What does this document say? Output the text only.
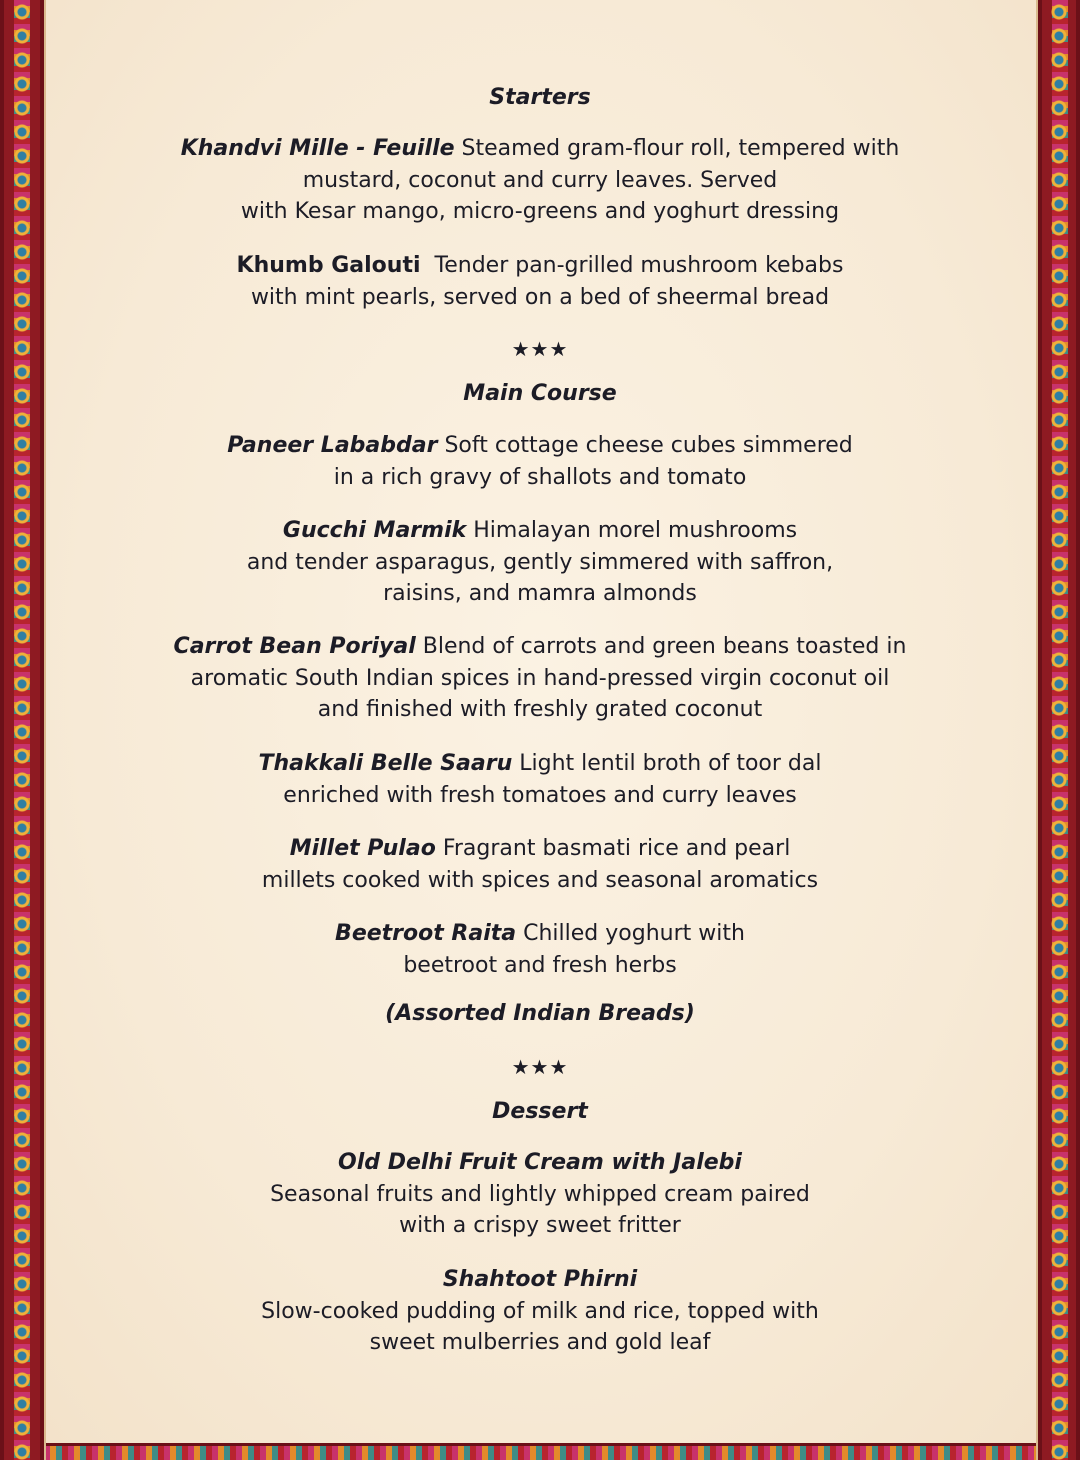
Starters
Khandvi Mille - Feuille Steamed gram-flour roll, tempered with
mustard, coconut and curry leaves. Served
with Kesar mango, micro-greens and yoghurt dressing
Khumb Galouti Tender pan-grilled mushroom kebabs
with mint pearls, served on a bed of sheermal bread
★★★
Main Course
Paneer Lababdar Soft cottage cheese cubes simmered
in a rich gravy of shallots and tomato
Gucchi Marmik Himalayan morel mushrooms
and tender asparagus, gently simmered with saffron,
raisins, and mamra almonds
Carrot Bean Poriyal Blend of carrots and green beans toasted in
aromatic South Indian spices in hand-pressed virgin coconut oil
and finished with freshly grated coconut
Thakkali Belle Saaru Light lentil broth of toor dal
enriched with fresh tomatoes and curry leaves
Millet Pulao Fragrant basmati rice and pearl
millets cooked with spices and seasonal aromatics
Beetroot Raita Chilled yoghurt with
beetroot and fresh herbs
(Assorted Indian Breads)
★★★
Dessert
Old Delhi Fruit Cream with Jalebi
Seasonal fruits and lightly whipped cream paired
with a crispy sweet fritter
Shahtoot Phirni
Slow-cooked pudding of milk and rice, topped with
sweet mulberries and gold leaf
